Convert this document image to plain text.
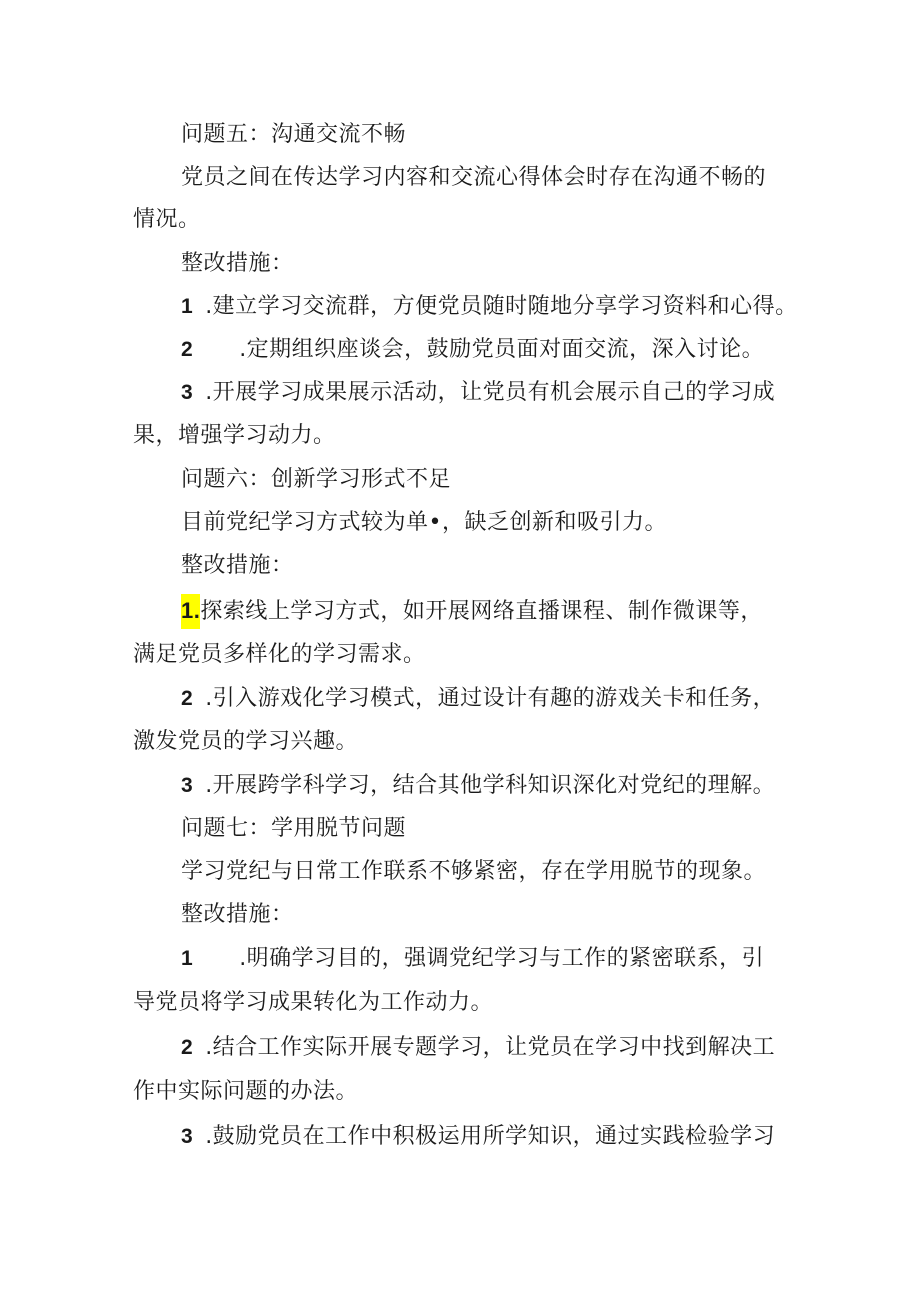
问题五：沟通交流不畅
党员之间在传达学习内容和交流心得体会时存在沟通不畅的
情况。
整改措施：
1 .建立学习交流群，方便党员随时随地分享学习资料和心得。
2 .定期组织座谈会，鼓励党员面对面交流，深入讨论。
3 .开展学习成果展示活动，让党员有机会展示自己的学习成
果，增强学习动力。
问题六：创新学习形式不足
目前党纪学习方式较为单•，缺乏创新和吸引力。
整改措施：
1.探索线上学习方式，如开展网络直播课程、制作微课等，
满足党员多样化的学习需求。
2 .引入游戏化学习模式，通过设计有趣的游戏关卡和任务，
激发党员的学习兴趣。
3 .开展跨学科学习，结合其他学科知识深化对党纪的理解。
问题七：学用脱节问题
学习党纪与日常工作联系不够紧密，存在学用脱节的现象。
整改措施：
1 .明确学习目的，强调党纪学习与工作的紧密联系，引
导党员将学习成果转化为工作动力。
2 .结合工作实际开展专题学习，让党员在学习中找到解决工
作中实际问题的办法。
3 .鼓励党员在工作中积极运用所学知识，通过实践检验学习
